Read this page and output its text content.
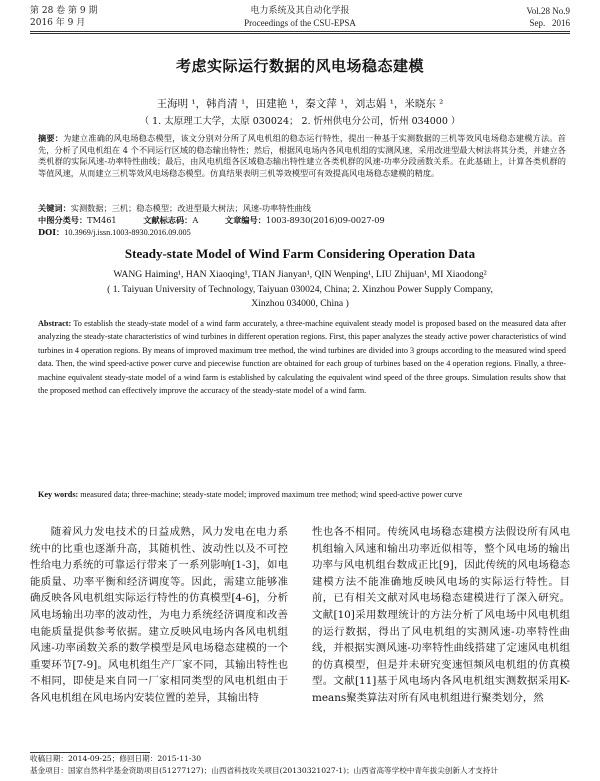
第 28 卷 第 9 期
2016 年 9 月
电力系统及其自动化学报
Proceedings of the CSU-EPSA
Vol.28 No.9
Sep.   2016
考虑实际运行数据的风电场稳态建模
王海明 ¹，韩肖清 ¹，田建艳 ¹，秦文萍 ¹，刘志娟 ¹，米晓东 ²
（ 1. 太原理工大学，太原 030024； 2. 忻州供电分公司，忻州 034000 ）
摘要：为建立准确的风电场稳态模型，该文分别对分所了风电机组的稳态运行特性，提出一种基于实测数据的三机等效风电场稳态建模方法。首先，分析了风电机组在 4 个不同运行区域的稳态输出特性；然后，根据风电场内各风电机组的实测风速，采用改进型最大树法将其分类，并建立各类机群的实际风速-功率特性曲线；最后，由风电机组各区域稳态输出特性建立各类机群的风速-功率分段函数关系。在此基础上，计算各类机群的等值风速，从而建立三机等效风电场稳态模型。仿真结果表明三机等效模型可有效提高风电场稳态建模的精度。
关键词：实测数据；三机；稳态模型；改进型最大树法；风速-功率特性曲线
中图分类号：TM461	文献标志码：A	文章编号：1003-8930(2016)09-0027-09
DOI：10.3969/j.issn.1003-8930.2016.09.005
Steady-state Model of Wind Farm Considering Operation Data
WANG Haiming¹, HAN Xiaoqing¹, TIAN Jianyan¹, QIN Wenping¹, LIU Zhijuan¹, MI Xiaodong²
( 1. Taiyuan University of Technology, Taiyuan 030024, China; 2. Xinzhou Power Supply Company,
Xinzhou 034000, China )
Abstract: To establish the steady-state model of a wind farm accurately, a three-machine equivalent steady model is proposed based on the measured data after analyzing the steady-state characteristics of wind turbines in different operation regions. First, this paper analyzes the steady active power characteristics of wind turbines in 4 operation regions. By means of improved maximum tree method, the wind turbines are divided into 3 groups according to the measured wind speed data. Then, the wind speed-active power curve and piecewise function are obtained for each group of turbines based on the 4 operation regions. Finally, a three-machine equivalent steady-state model of a wind farm is established by calculating the equivalent wind speed of the three groups. Simulation results show that the proposed method can effectively improve the accuracy of the steady-state model of a wind farm.
Key words: measured data; three-machine; steady-state model; improved maximum tree method; wind speed-active power curve
随着风力发电技术的日益成熟，风力发电在电力系统中的比重也逐渐升高，其随机性、波动性以及不可控性给电力系统的可靠运行带来了一系列影响[1-3]，如电能质量、功率平衡和经济调度等。因此，需建立能够准确反映各风电机组实际运行特性的仿真模型[4-6]，分析风电场输出功率的波动性，为电力系统经济调度和改善电能质量提供参考依据。建立反映风电场内各风电机组风速-功率函数关系的数学模型是风电场稳态建模的一个重要环节[7-9]。风电机组生产厂家不同，其输出特性也不相同，即使是来自同一厂家相同类型的风电机组由于各风电机组在风电场内安装位置的差异，其输出特
性也各不相同。传统风电场稳态建模方法假设所有风电机组输入风速和输出功率近似相等，整个风电场的输出功率与风电机组台数成正比[9]，因此传统的风电场稳态建模方法不能准确地反映风电场的实际运行特性。目前，已有相关文献对风电场稳态建模进行了深入研究。文献[10]采用数理统计的方法分析了风电场中风电机组的运行数据，得出了风电机组的实测风速-功率特性曲线，并根据实测风速-功率特性曲线搭建了定速风电机组的仿真模型，但是并未研究变速恒频风电机组的仿真模型。文献[11]基于风电场内各风电机组实测数据采用K-means聚类算法对所有风电机组进行聚类划分，然
收稿日期：2014-09-25；修回日期：2015-11-30
基金项目：国家自然科学基金资助项目(51277127)；山西省科技攻关项目(20130321027-1)；山西省高等学校中青年拔尖创新人才支持计
